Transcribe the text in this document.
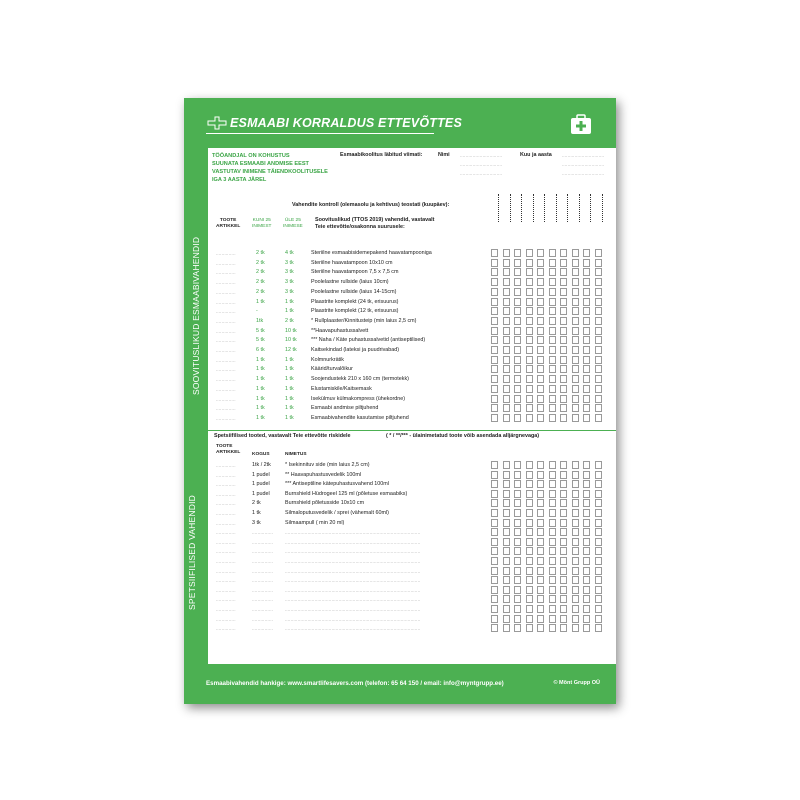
ESMAABI KORRALDUS ETTEVÕTTES
TÖÖANDJAL ON KOHUSTUS
SUUNATA ESMAABI ANDMISE EEST
VASTUTAV INIMENE TÄIENDKOOLITUSELE
IGA 3 AASTA JÄREL
Esmaabikoolitus läbitud viimati:	Nimi	Kuu ja aasta
..............................	..............................
..............................	..............................
..............................	..............................
Vahendite kontroll (olemasolu ja kehtivus) teostati (kuupäev):
Soovituslikud (TTOS 2019) vahendid, vastavalt
Teie ettevõtte/osakonna suurusele:
TOOTE
ARTIKKEL
KUNI 25
INIMEST
ÜLE 25
INIMESE
..............	2 tk	4 tk	Steriilne esmaabisidemepakend haavatampooniga
..............	2 tk	3 tk	Steriilne haavatampoon 10x10 cm
..............	2 tk	3 tk	Steriilne haavatampoon 7,5 x 7,5 cm
..............	2 tk	3 tk	Poolelastne rullside (laius 10cm)
SOOVITUSLIKUD ESMAABIVAHENDID	..............	2 tk	3 tk	Poolelastne rullside (laius 14-15cm)
..............	1 tk	1 tk	Plaastrite komplekt (24 tk, erisuurus)
..............	-	1 tk	Plaastrite komplekt (12 tk, erisuurus)
..............	1tk	2 tk	* Rullplaaster/Kinnitusteip (min laius 2,5 cm)
..............	5 tk	10 tk	**Haavapuhastussalvett
..............	5 tk	10 tk	*** Naha / Käte puhastussalvetid (antiseptilised)
..............	6 tk	12 tk	Kaitsekindad (lateksi ja puudrivabad)
..............	1 tk	1 tk	Kolmnurkrätik
..............	1 tk	1 tk	Käärid/turvalõikur
..............	1 tk	1 tk	Soojendustekk 210 x 160 cm (termotekk)
..............	1 tk	1 tk	Elustamiskile/Kaitsemask
..............	1 tk	1 tk	Isekülmuv külmakompress (ühekordne)
..............	1 tk	1 tk	Esmaabi andmise piltjuhend
..............	1 tk	1 tk	Esmaabivahendite kasutamise piltjuhend
Spetsiifilised tooted, vastavalt Teie ettevõtte riskidele	( * / **/*** - ülainimetatud toote võib asendada alljärgnevaga)
TOOTE
ARTIKKEL KOGUS	NIMETUS
..............	1tk / 2tk	* Isekinnituv side (min laius 2,5 cm)
..............	1 pudel	** Haavapuhastusvedelik 100ml
..............	1 pudel	*** Antiseptiline kätepuhastusvahend 100ml
..............	1 pudel	Burnshield Hüdrogeel 125 ml (põletuse esmaabiks)
..............	2 tk	Burnshield põletusside 10x10 cm
..............	1 tk	Silmaloputusvedelik / sprei (vähemalt 60ml)
..............	3 tk	Silmaampull ( min 20 ml)
..............	...............	................................................................................................
..............	...............	................................................................................................
..............	...............	................................................................................................
..............	...............	................................................................................................
..............	...............	................................................................................................
..............	...............	................................................................................................
..............	...............	................................................................................................
..............	...............	................................................................................................
..............	...............	................................................................................................
..............	...............	................................................................................................
..............	...............	................................................................................................
SPETSIIFILISED VAHENDID
Esmaabivahendid hankige: www.smartlifesavers.com (telefon: 65 64 150 / email: info@myntgrupp.ee)	© Mõnt Grupp OÜ
